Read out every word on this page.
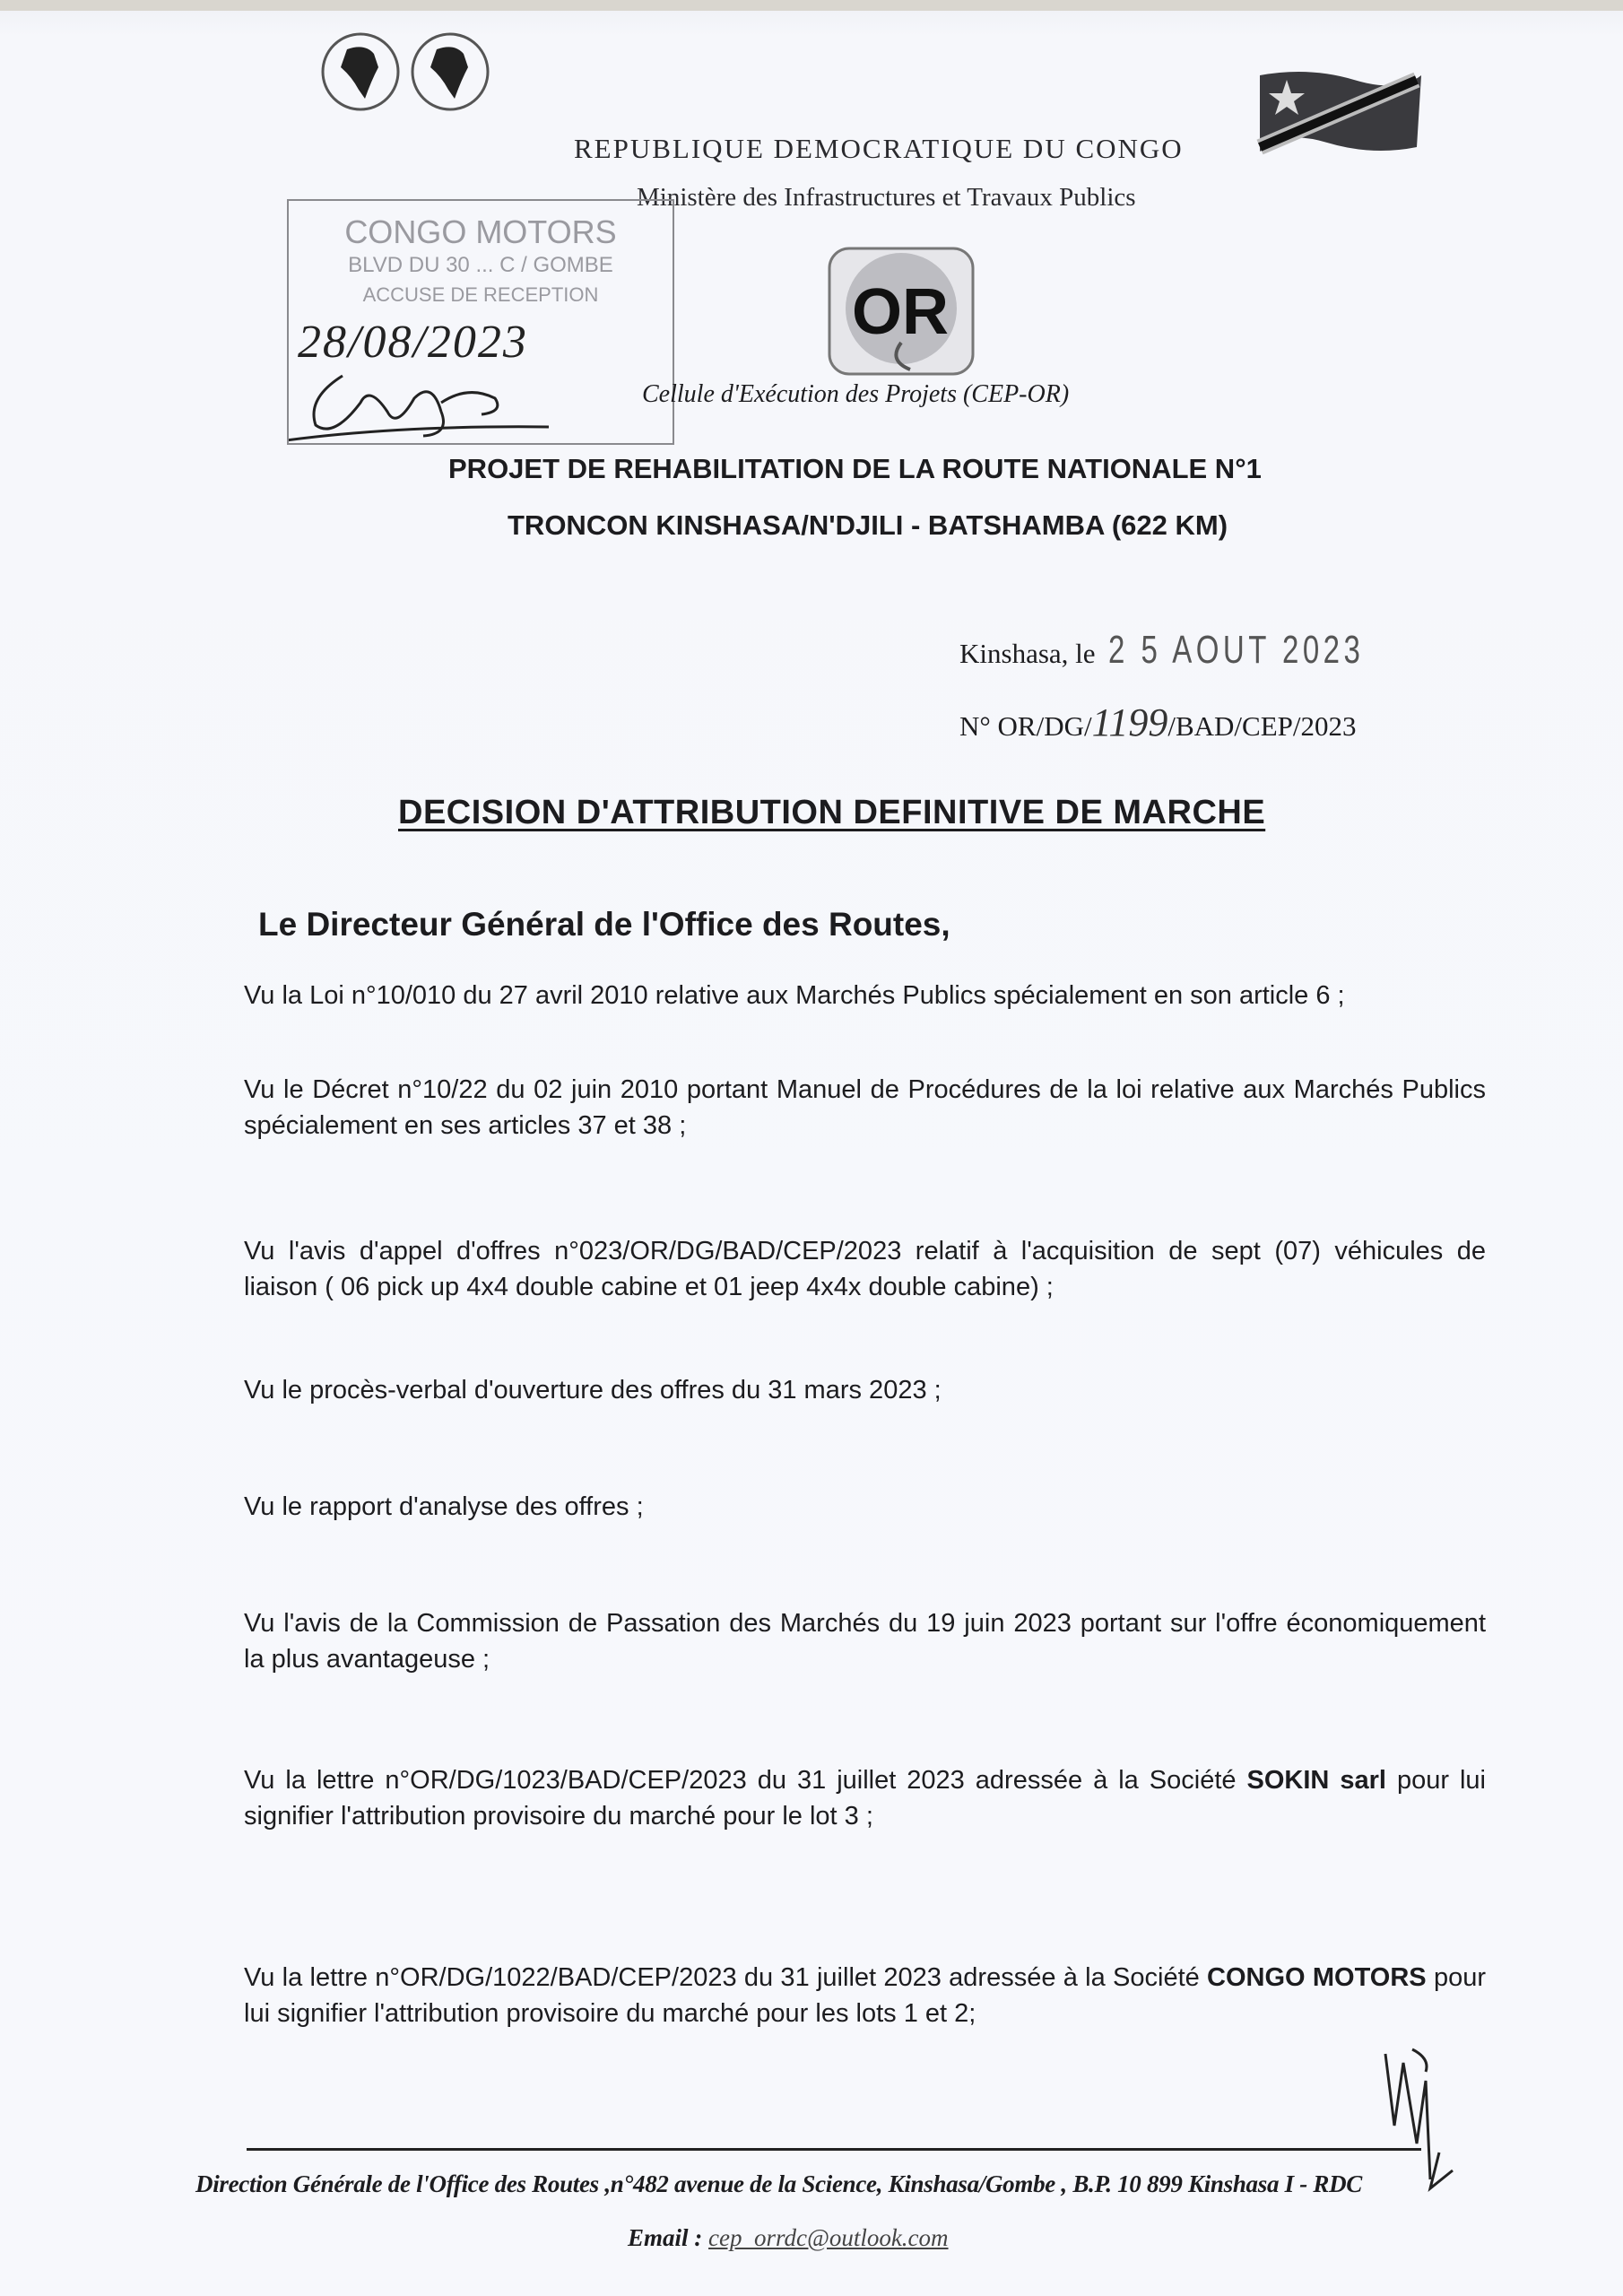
REPUBLIQUE DEMOCRATIQUE DU CONGO
Ministère des Infrastructures et Travaux Publics
CONGO MOTORS
BLVD DU 30 ... C / GOMBE
ACCUSE DE RECEPTION
28/08/2023	OR
Cellule d'Exécution des Projets (CEP-OR)
PROJET DE REHABILITATION DE LA ROUTE NATIONALE N°1
TRONCON KINSHASA/N'DJILI - BATSHAMBA (622 KM)
Kinshasa, le 2 5 AOUT 2023
N° OR/DG/1199/BAD/CEP/2023
DECISION D'ATTRIBUTION DEFINITIVE DE MARCHE
Le Directeur Général de l'Office des Routes,
Vu la Loi n°10/010 du 27 avril 2010 relative aux Marchés Publics spécialement en son article 6 ;
Vu le Décret n°10/22 du 02 juin 2010 portant Manuel de Procédures de la loi relative aux Marchés Publics spécialement en ses articles 37 et 38 ;
Vu l'avis d'appel d'offres n°023/OR/DG/BAD/CEP/2023 relatif à l'acquisition de sept (07) véhicules de liaison ( 06 pick up 4x4 double cabine et 01 jeep 4x4x double cabine) ;
Vu le procès-verbal d'ouverture des offres du 31 mars 2023 ;
Vu le rapport d'analyse des offres ;
Vu l'avis de la Commission de Passation des Marchés du 19 juin 2023 portant sur l'offre économiquement la plus avantageuse ;
Vu la lettre n°OR/DG/1023/BAD/CEP/2023 du 31 juillet 2023 adressée à la Société SOKIN sarl pour lui signifier l'attribution provisoire du marché pour le lot 3 ;
Vu la lettre n°OR/DG/1022/BAD/CEP/2023 du 31 juillet 2023 adressée à la Société CONGO MOTORS pour lui signifier l'attribution provisoire du marché pour les lots 1 et 2;
Direction Générale de l'Office des Routes ,n°482 avenue de la Science, Kinshasa/Gombe , B.P. 10 899 Kinshasa I - RDC
Email : cep_orrdc@outlook.com
